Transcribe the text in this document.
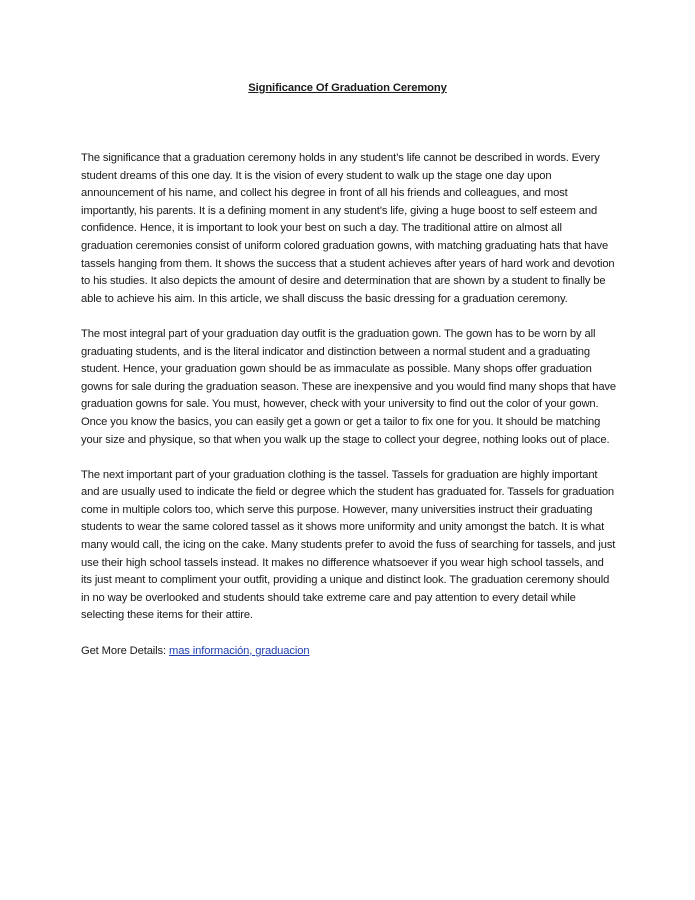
Significance Of Graduation Ceremony

The significance that a graduation ceremony holds in any student’s life cannot be described in words. Every student dreams of this one day. It is the vision of every student to walk up the stage one day upon announcement of his name, and collect his degree in front of all his friends and colleagues, and most importantly, his parents. It is a defining moment in any student’s life, giving a huge boost to self esteem and confidence. Hence, it is important to look your best on such a day. The traditional attire on almost all graduation ceremonies consist of uniform colored graduation gowns, with matching graduating hats that have tassels hanging from them. It shows the success that a student achieves after years of hard work and devotion to his studies. It also depicts the amount of desire and determination that are shown by a student to finally be able to achieve his aim. In this article, we shall discuss the basic dressing for a graduation ceremony.

The most integral part of your graduation day outfit is the graduation gown. The gown has to be worn by all graduating students, and is the literal indicator and distinction between a normal student and a graduating student. Hence, your graduation gown should be as immaculate as possible. Many shops offer graduation gowns for sale during the graduation season. These are inexpensive and you would find many shops that have graduation gowns for sale. You must, however, check with your university to find out the color of your gown. Once you know the basics, you can easily get a gown or get a tailor to fix one for you. It should be matching your size and physique, so that when you walk up the stage to collect your degree, nothing looks out of place.

The next important part of your graduation clothing is the tassel. Tassels for graduation are highly important and are usually used to indicate the field or degree which the student has graduated for. Tassels for graduation come in multiple colors too, which serve this purpose. However, many universities instruct their graduating students to wear the same colored tassel as it shows more uniformity and unity amongst the batch. It is what many would call, the icing on the cake. Many students prefer to avoid the fuss of searching for tassels, and just use their high school tassels instead. It makes no difference whatsoever if you wear high school tassels, and its just meant to compliment your outfit, providing a unique and distinct look. The graduation ceremony should in no way be overlooked and students should take extreme care and pay attention to every detail while selecting these items for their attire.

Get More Details: mas información, graduacion
